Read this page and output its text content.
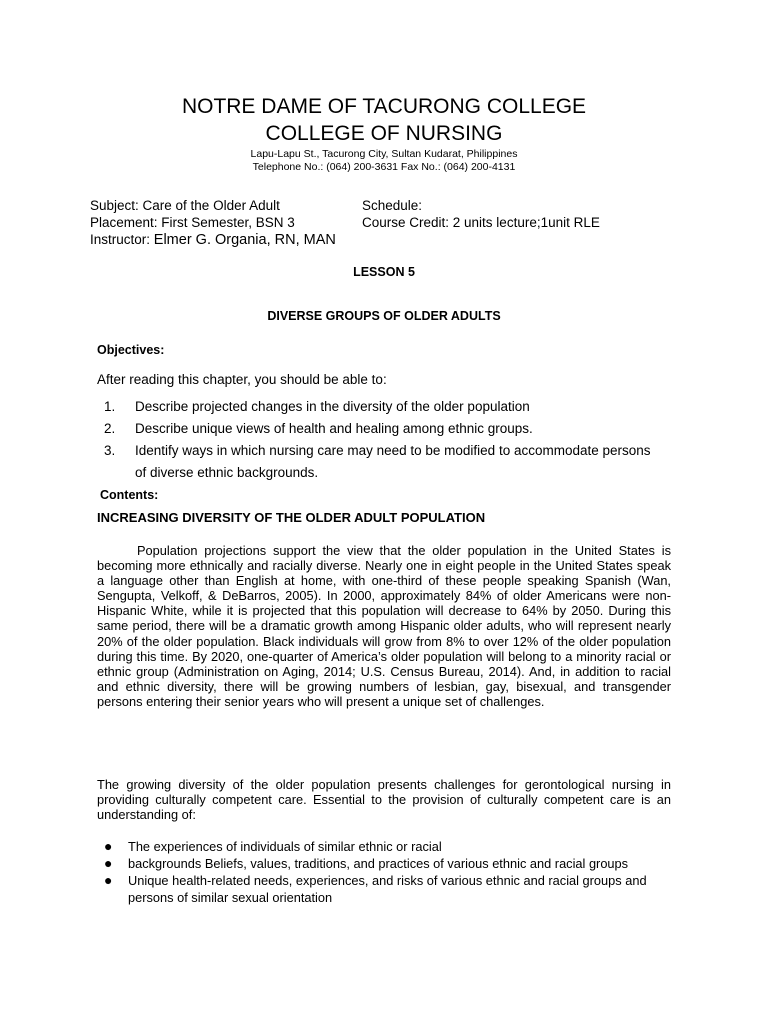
NOTRE DAME OF TACURONG COLLEGE
COLLEGE OF NURSING
Lapu-Lapu St., Tacurong City, Sultan Kudarat, Philippines
Telephone No.: (064) 200-3631 Fax No.: (064) 200-4131
Subject: Care of the Older Adult
Placement: First Semester, BSN 3
Instructor: Elmer G. Organia, RN, MAN
Schedule:
Course Credit: 2 units lecture;1unit RLE
LESSON 5
DIVERSE GROUPS OF OLDER ADULTS
Objectives:
After reading this chapter, you should be able to:
1. Describe projected changes in the diversity of the older population
2. Describe unique views of health and healing among ethnic groups.
3. Identify ways in which nursing care may need to be modified to accommodate persons of diverse ethnic backgrounds.
Contents:
INCREASING DIVERSITY OF THE OLDER ADULT POPULATION

Population projections support the view that the older population in the United States is becoming more ethnically and racially diverse. Nearly one in eight people in the United States speak a language other than English at home, with one-third of these people speaking Spanish (Wan, Sengupta, Velkoff, & DeBarros, 2005). In 2000, approximately 84% of older Americans were non-Hispanic White, while it is projected that this population will decrease to 64% by 2050. During this same period, there will be a dramatic growth among Hispanic older adults, who will represent nearly 20% of the older population. Black individuals will grow from 8% to over 12% of the older population during this time. By 2020, one-quarter of America’s older population will belong to a minority racial or ethnic group (Administration on Aging, 2014; U.S. Census Bureau, 2014). And, in addition to racial and ethnic diversity, there will be growing numbers of lesbian, gay, bisexual, and transgender persons entering their senior years who will present a unique set of challenges.

The growing diversity of the older population presents challenges for gerontological nursing in providing culturally competent care. Essential to the provision of culturally competent care is an understanding of:

● The experiences of individuals of similar ethnic or racial
● backgrounds Beliefs, values, traditions, and practices of various ethnic and racial groups
● Unique health-related needs, experiences, and risks of various ethnic and racial groups and persons of similar sexual orientation
